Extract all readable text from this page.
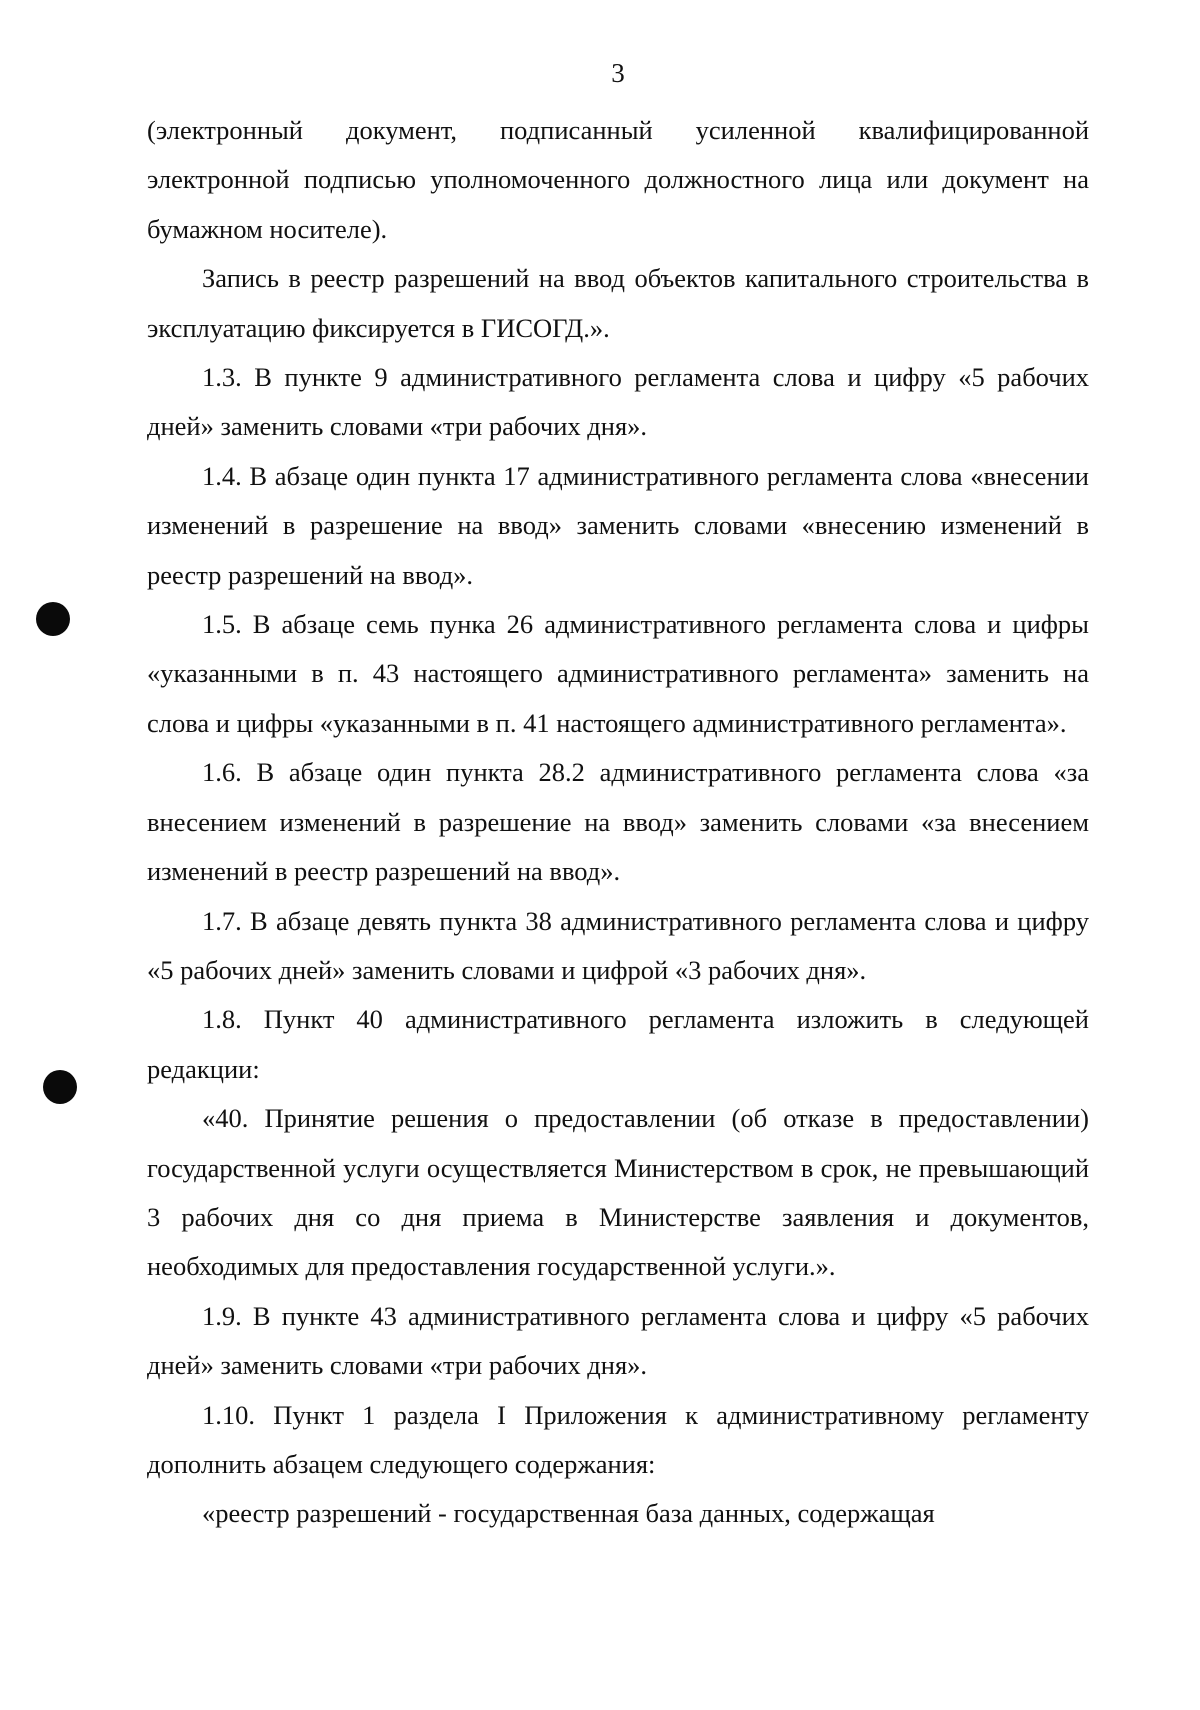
3

(электронный документ, подписанный усиленной квалифицированной электронной подписью уполномоченного должностного лица или документ на бумажном носителе).

Запись в реестр разрешений на ввод объектов капитального строительства в эксплуатацию фиксируется в ГИСОГД.».

1.3. В пункте 9 административного регламента слова и цифру «5 рабочих дней» заменить словами «три рабочих дня».

1.4. В абзаце один пункта 17 административного регламента слова «внесении изменений в разрешение на ввод» заменить словами «внесению изменений в реестр разрешений на ввод».

1.5. В абзаце семь пунка 26 административного регламента слова и цифры «указанными в п. 43 настоящего административного регламента» заменить на слова и цифры «указанными в п. 41 настоящего административного регламента».

1.6. В абзаце один пункта 28.2 административного регламента слова «за внесением изменений в разрешение на ввод» заменить словами «за внесением изменений в реестр разрешений на ввод».

1.7. В абзаце девять пункта 38 административного регламента слова и цифру «5 рабочих дней» заменить словами и цифрой «3 рабочих дня».

1.8. Пункт 40 административного регламента изложить в следующей редакции:

«40. Принятие решения о предоставлении (об отказе в предоставлении) государственной услуги осуществляется Министерством в срок, не превышающий 3 рабочих дня со дня приема в Министерстве заявления и документов, необходимых для предоставления государственной услуги.».

1.9. В пункте 43 административного регламента слова и цифру «5 рабочих дней» заменить словами «три рабочих дня».

1.10. Пункт 1 раздела I Приложения к административному регламенту дополнить абзацем следующего содержания:

«реестр разрешений - государственная база данных, содержащая
